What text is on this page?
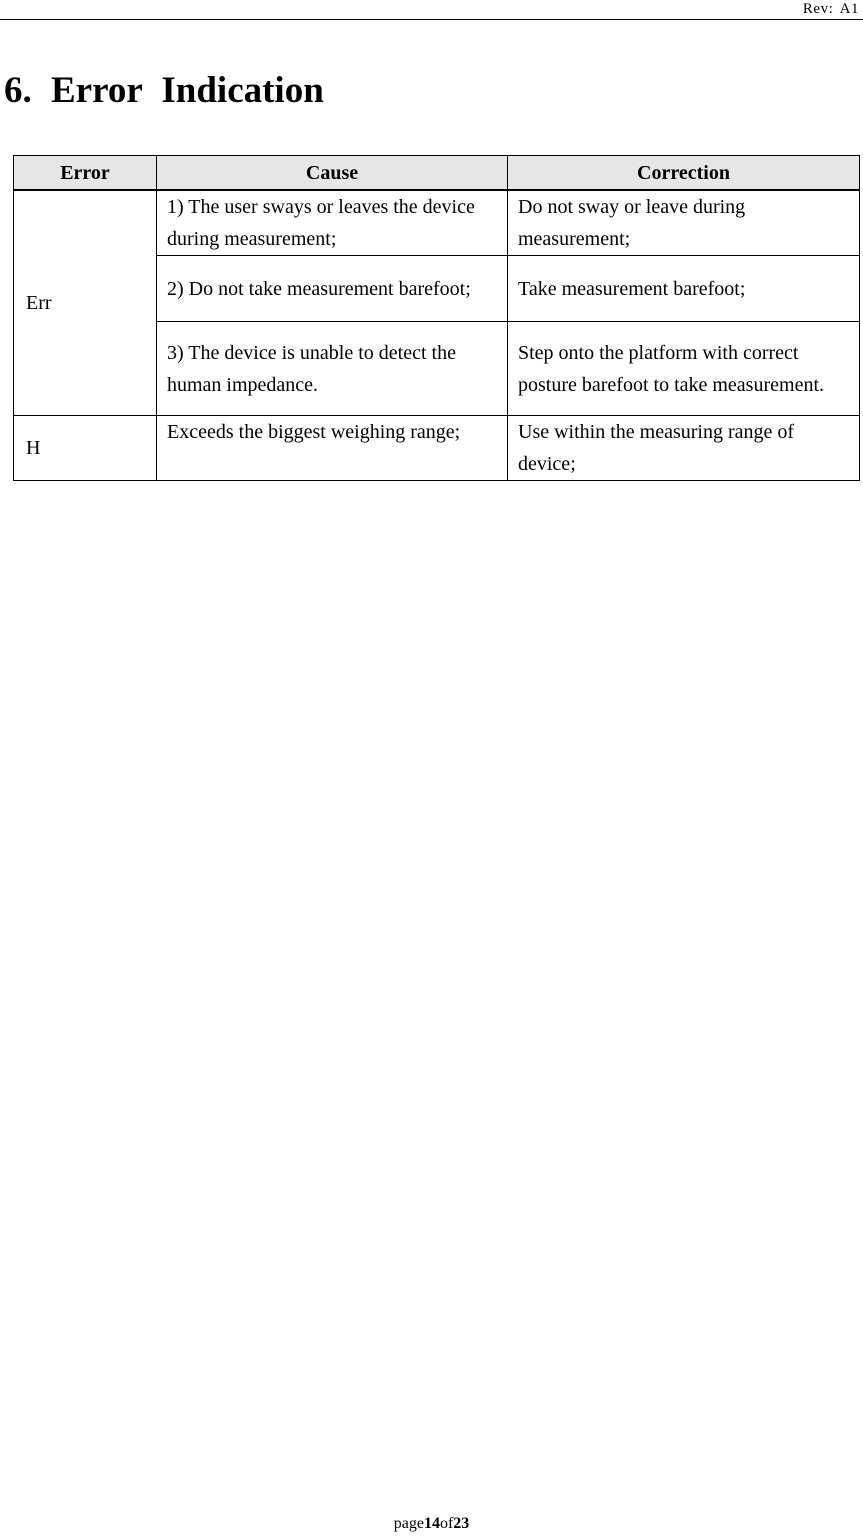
Rev: A1
6. Error Indication
Error	Cause	Correction
Err	1) The user sways or leaves the device during measurement;	Do not sway or leave during measurement;
	2) Do not take measurement barefoot;	Take measurement barefoot;
	3) The device is unable to detect the human impedance.	Step onto the platform with correct posture barefoot to take measurement.
H	Exceeds the biggest weighing range;	Use within the measuring range of device;
page14of23
